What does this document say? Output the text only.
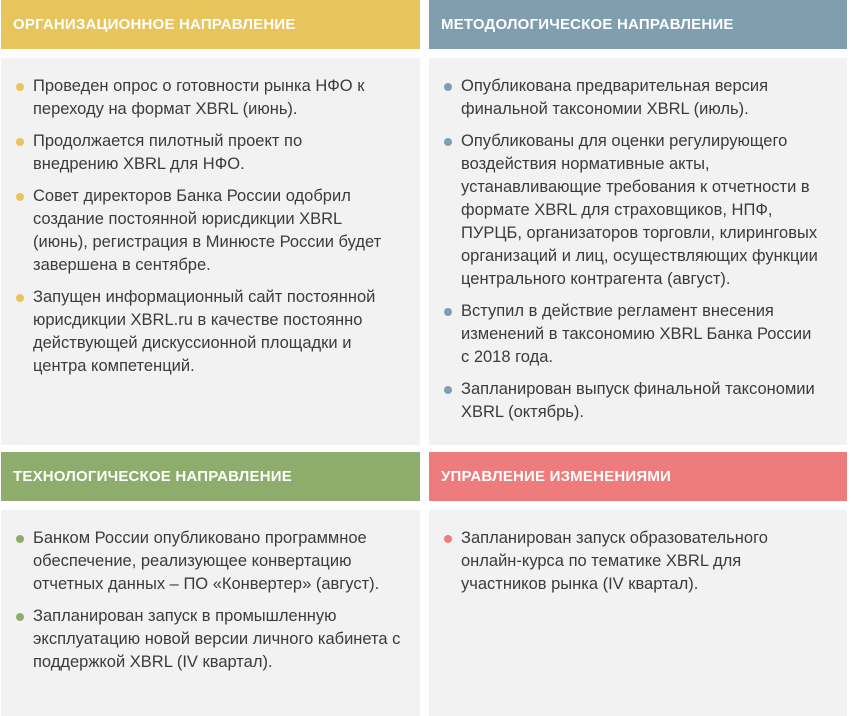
ОРГАНИЗАЦИОННОЕ НАПРАВЛЕНИЕ
Проведен опрос о готовности рынка НФО к переходу на формат XBRL (июнь).
Продолжается пилотный проект по внедрению XBRL для НФО.
Совет директоров Банка России одобрил создание постоянной юрисдикции XBRL (июнь), регистрация в Минюсте России будет завершена в сентябре.
Запущен информационный сайт постоянной юрисдикции XBRL.ru в качестве постоянно действующей дискуссионной площадки и центра компетенций.
МЕТОДОЛОГИЧЕСКОЕ НАПРАВЛЕНИЕ
Опубликована предварительная версия финальной таксономии XBRL (июль).
Опубликованы для оценки регулирующего воздействия нормативные акты, устанавливающие требования к отчетности в формате XBRL для страховщиков, НПФ, ПУРЦБ, организаторов торговли, клиринговых организаций и лиц, осуществляющих функции центрального контрагента (август).
Вступил в действие регламент внесения изменений в таксономию XBRL Банка России с 2018 года.
Запланирован выпуск финальной таксономии XBRL (октябрь).
ТЕХНОЛОГИЧЕСКОЕ НАПРАВЛЕНИЕ
Банком России опубликовано программное обеспечение, реализующее конвертацию отчетных данных – ПО «Конвертер» (август).
Запланирован запуск в промышленную эксплуатацию новой версии личного кабинета с поддержкой XBRL (IV квартал).
УПРАВЛЕНИЕ ИЗМЕНЕНИЯМИ
Запланирован запуск образовательного онлайн-курса по тематике XBRL для участников рынка (IV квартал).
